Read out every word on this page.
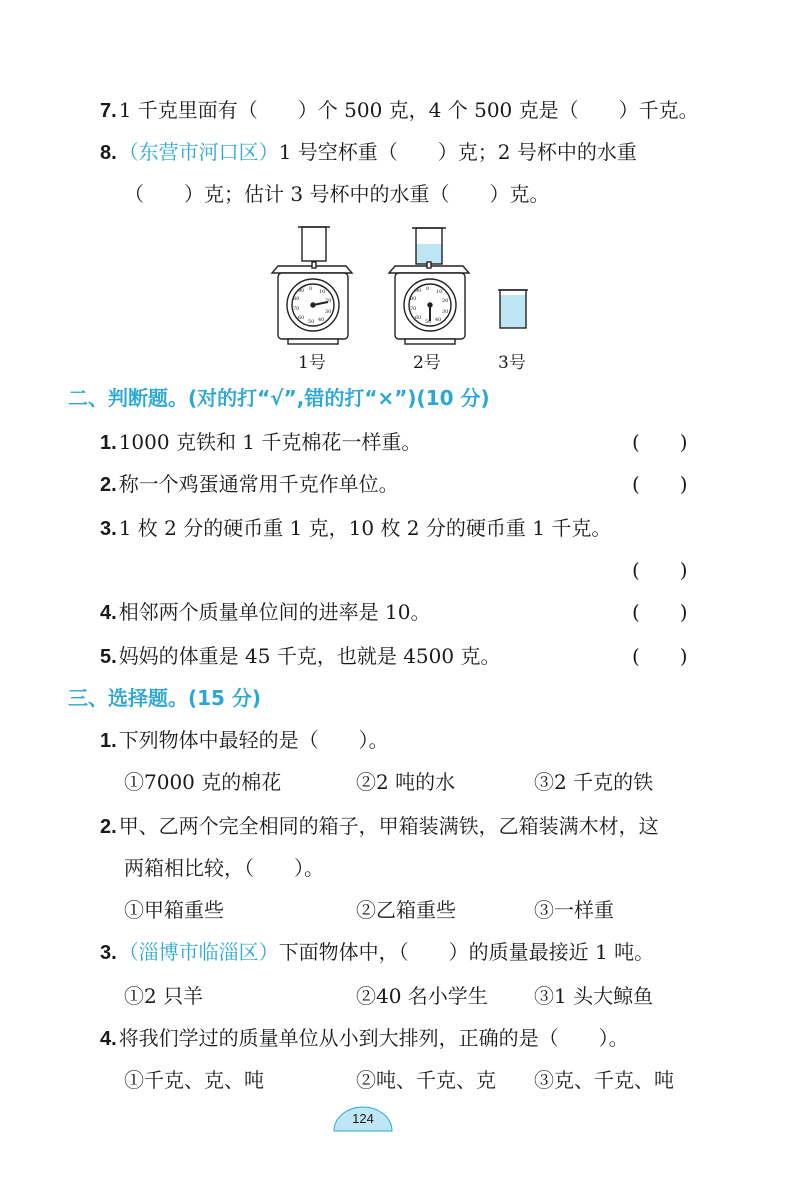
7. 1 千克里面有（　　）个 500 克，4 个 500 克是（　　）千克。
8. （东营市河口区）1 号空杯重（　　）克；2 号杯中的水重
（　　）克；估计 3 号杯中的水重（　　）克。
0 10
20
30
40
50
60
70
80
90	0 10
20
30
40
50
60
70
80
90
1号	2号	3号
二、判断题。(对的打“√”,错的打“×”)(10 分)
1. 1000 克铁和 1 千克棉花一样重。	(　　)
2. 称一个鸡蛋通常用千克作单位。	(　　)
3. 1 枚 2 分的硬币重 1 克，10 枚 2 分的硬币重 1 千克。
(　　)
4. 相邻两个质量单位间的进率是 10。	(　　)
5. 妈妈的体重是 45 千克，也就是 4500 克。	(　　)
三、选择题。(15 分)
1. 下列物体中最轻的是（　　）。
①7000 克的棉花	②2 吨的水	③2 千克的铁
2. 甲、乙两个完全相同的箱子，甲箱装满铁，乙箱装满木材，这
两箱相比较，（　　）。
①甲箱重些	②乙箱重些	③一样重
3. （淄博市临淄区）下面物体中，（　　）的质量最接近 1 吨。
①2 只羊	②40 名小学生 ③1 头大鲸鱼
4. 将我们学过的质量单位从小到大排列，正确的是（　　）。
①千克、克、吨	②吨、千克、克 ③克、千克、吨
124
